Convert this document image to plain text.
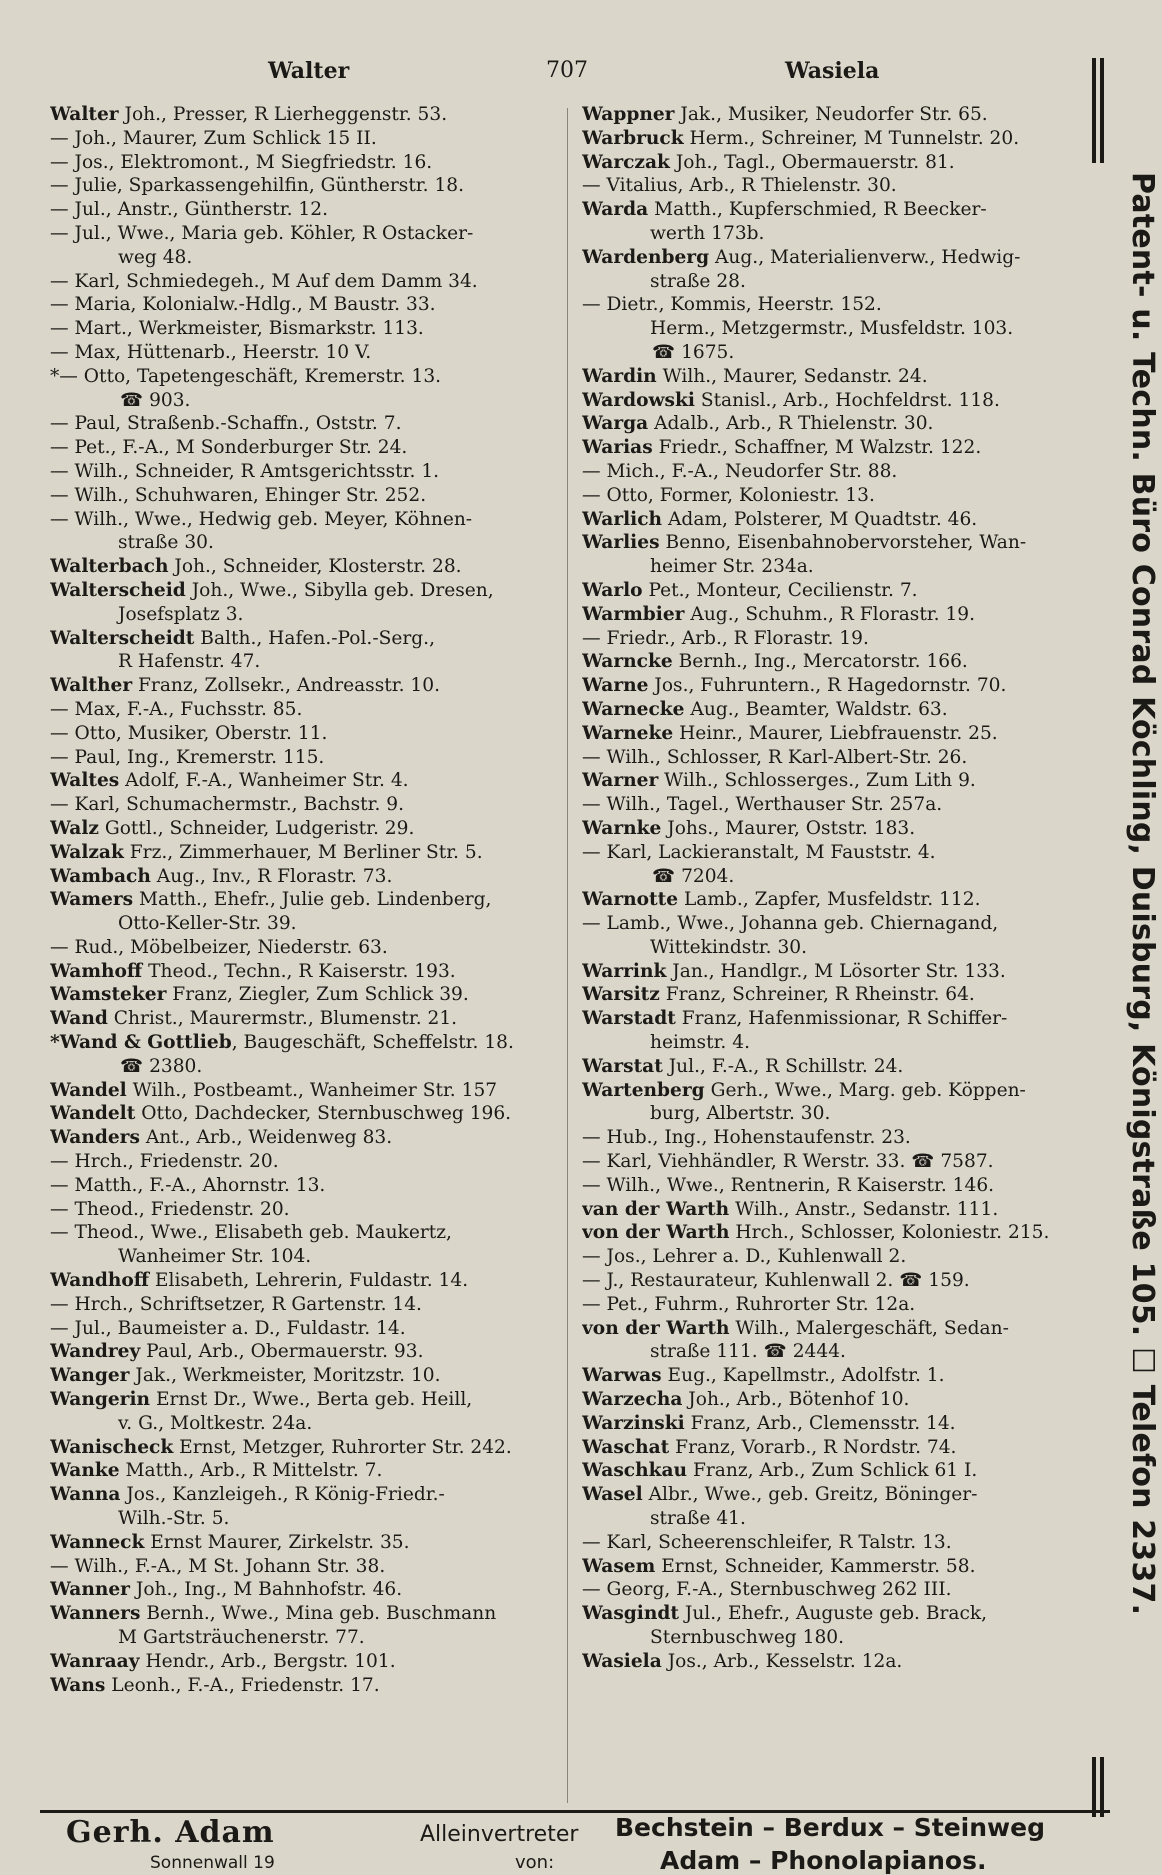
Walter	707	Wasiela
Walter Joh., Presser, R Lierheggenstr. 53.
— Joh., Maurer, Zum Schlick 15 II.
— Jos., Elektromont., M Siegfriedstr. 16.
— Julie, Sparkassengehilfin, Güntherstr. 18.
— Jul., Anstr., Güntherstr. 12.
— Jul., Wwe., Maria geb. Köhler, R Ostacker-
weg 48.
— Karl, Schmiedegeh., M Auf dem Damm 34.
— Maria, Kolonialw.-Hdlg., M Baustr. 33.
— Mart., Werkmeister, Bismarkstr. 113.
— Max, Hüttenarb., Heerstr. 10 V.
*— Otto, Tapetengeschäft, Kremerstr. 13.
☎ 903.
— Paul, Straßenb.-Schaffn., Oststr. 7.
— Pet., F.-A., M Sonderburger Str. 24.
— Wilh., Schneider, R Amtsgerichtsstr. 1.
— Wilh., Schuhwaren, Ehinger Str. 252.
— Wilh., Wwe., Hedwig geb. Meyer, Köhnen-
straße 30.
Walterbach Joh., Schneider, Klosterstr. 28.
Walterscheid Joh., Wwe., Sibylla geb. Dresen,
Josefsplatz 3.
Walterscheidt Balth., Hafen.-Pol.-Serg.,
R Hafenstr. 47.
Walther Franz, Zollsekr., Andreasstr. 10.
— Max, F.-A., Fuchsstr. 85.
— Otto, Musiker, Oberstr. 11.
— Paul, Ing., Kremerstr. 115.
Waltes Adolf, F.-A., Wanheimer Str. 4.
— Karl, Schumachermstr., Bachstr. 9.
Walz Gottl., Schneider, Ludgeristr. 29.
Walzak Frz., Zimmerhauer, M Berliner Str. 5.
Wambach Aug., Inv., R Florastr. 73.
Wamers Matth., Ehefr., Julie geb. Lindenberg,
Otto-Keller-Str. 39.
— Rud., Möbelbeizer, Niederstr. 63.
Wamhoff Theod., Techn., R Kaiserstr. 193.
Wamsteker Franz, Ziegler, Zum Schlick 39.
Wand Christ., Maurermstr., Blumenstr. 21.
*Wand & Gottlieb, Baugeschäft, Scheffelstr. 18.
☎ 2380.
Wandel Wilh., Postbeamt., Wanheimer Str. 157
Wandelt Otto, Dachdecker, Sternbuschweg 196.
Wanders Ant., Arb., Weidenweg 83.
— Hrch., Friedenstr. 20.
— Matth., F.-A., Ahornstr. 13.
— Theod., Friedenstr. 20.
— Theod., Wwe., Elisabeth geb. Maukertz,
Wanheimer Str. 104.
Wandhoff Elisabeth, Lehrerin, Fuldastr. 14.
— Hrch., Schriftsetzer, R Gartenstr. 14.
— Jul., Baumeister a. D., Fuldastr. 14.
Wandrey Paul, Arb., Obermauerstr. 93.
Wanger Jak., Werkmeister, Moritzstr. 10.
Wangerin Ernst Dr., Wwe., Berta geb. Heill,
v. G., Moltkestr. 24a.
Wanischeck Ernst, Metzger, Ruhrorter Str. 242.
Wanke Matth., Arb., R Mittelstr. 7.
Wanna Jos., Kanzleigeh., R König-Friedr.-
Wilh.-Str. 5.
Wanneck Ernst Maurer, Zirkelstr. 35.
— Wilh., F.-A., M St. Johann Str. 38.
Wanner Joh., Ing., M Bahnhofstr. 46.
Wanners Bernh., Wwe., Mina geb. Buschmann
M Gartsträuchenerstr. 77.
Wanraay Hendr., Arb., Bergstr. 101.
Wans Leonh., F.-A., Friedenstr. 17.
Wappner Jak., Musiker, Neudorfer Str. 65.
Warbruck Herm., Schreiner, M Tunnelstr. 20.
Warczak Joh., Tagl., Obermauerstr. 81.
— Vitalius, Arb., R Thielenstr. 30.
Warda Matth., Kupferschmied, R Beecker-
werth 173b.
Wardenberg Aug., Materialienverw., Hedwig-
straße 28.
— Dietr., Kommis, Heerstr. 152.
Herm., Metzgermstr., Musfeldstr. 103.
☎ 1675.
Wardin Wilh., Maurer, Sedanstr. 24.
Wardowski Stanisl., Arb., Hochfeldrst. 118.
Warga Adalb., Arb., R Thielenstr. 30.
Warias Friedr., Schaffner, M Walzstr. 122.
— Mich., F.-A., Neudorfer Str. 88.
— Otto, Former, Koloniestr. 13.
Warlich Adam, Polsterer, M Quadtstr. 46.
Warlies Benno, Eisenbahnobervorsteher, Wan-
heimer Str. 234a.
Warlo Pet., Monteur, Cecilienstr. 7.
Warmbier Aug., Schuhm., R Florastr. 19.
— Friedr., Arb., R Florastr. 19.
Warncke Bernh., Ing., Mercatorstr. 166.
Warne Jos., Fuhruntern., R Hagedornstr. 70.
Warnecke Aug., Beamter, Waldstr. 63.
Warneke Heinr., Maurer, Liebfrauenstr. 25.
— Wilh., Schlosser, R Karl-Albert-Str. 26.
Warner Wilh., Schlosserges., Zum Lith 9.
— Wilh., Tagel., Werthauser Str. 257a.
Warnke Johs., Maurer, Oststr. 183.
— Karl, Lackieranstalt, M Fauststr. 4.
☎ 7204.
Warnotte Lamb., Zapfer, Musfeldstr. 112.
— Lamb., Wwe., Johanna geb. Chiernagand,
Wittekindstr. 30.
Warrink Jan., Handlgr., M Lösorter Str. 133.
Warsitz Franz, Schreiner, R Rheinstr. 64.
Warstadt Franz, Hafenmissionar, R Schiffer-
heimstr. 4.
Warstat Jul., F.-A., R Schillstr. 24.
Wartenberg Gerh., Wwe., Marg. geb. Köppen-
burg, Albertstr. 30.
— Hub., Ing., Hohenstaufenstr. 23.
— Karl, Viehhändler, R Werstr. 33. ☎ 7587.
— Wilh., Wwe., Rentnerin, R Kaiserstr. 146.
van der Warth Wilh., Anstr., Sedanstr. 111.
von der Warth Hrch., Schlosser, Koloniestr. 215.
— Jos., Lehrer a. D., Kuhlenwall 2.
— J., Restaurateur, Kuhlenwall 2. ☎ 159.
— Pet., Fuhrm., Ruhrorter Str. 12a.
von der Warth Wilh., Malergeschäft, Sedan-
straße 111. ☎ 2444.
Warwas Eug., Kapellmstr., Adolfstr. 1.
Warzecha Joh., Arb., Bötenhof 10.
Warzinski Franz, Arb., Clemensstr. 14.
Waschat Franz, Vorarb., R Nordstr. 74.
Waschkau Franz, Arb., Zum Schlick 61 I.
Wasel Albr., Wwe., geb. Greitz, Böninger-
straße 41.
— Karl, Scheerenschleifer, R Talstr. 13.
Wasem Ernst, Schneider, Kammerstr. 58.
— Georg, F.-A., Sternbuschweg 262 III.
Wasgindt Jul., Ehefr., Auguste geb. Brack,
Sternbuschweg 180.
Wasiela Jos., Arb., Kesselstr. 12a.
Patent- u. Techn. Büro Conrad Köchling, Duisburg, Königstraße 105. ☐ Telefon 2337.
Gerh. Adam
Sonnenwall 19
Alleinvertreter
von:
Bechstein – Berdux – Steinweg
Adam – Phonolapianos.
